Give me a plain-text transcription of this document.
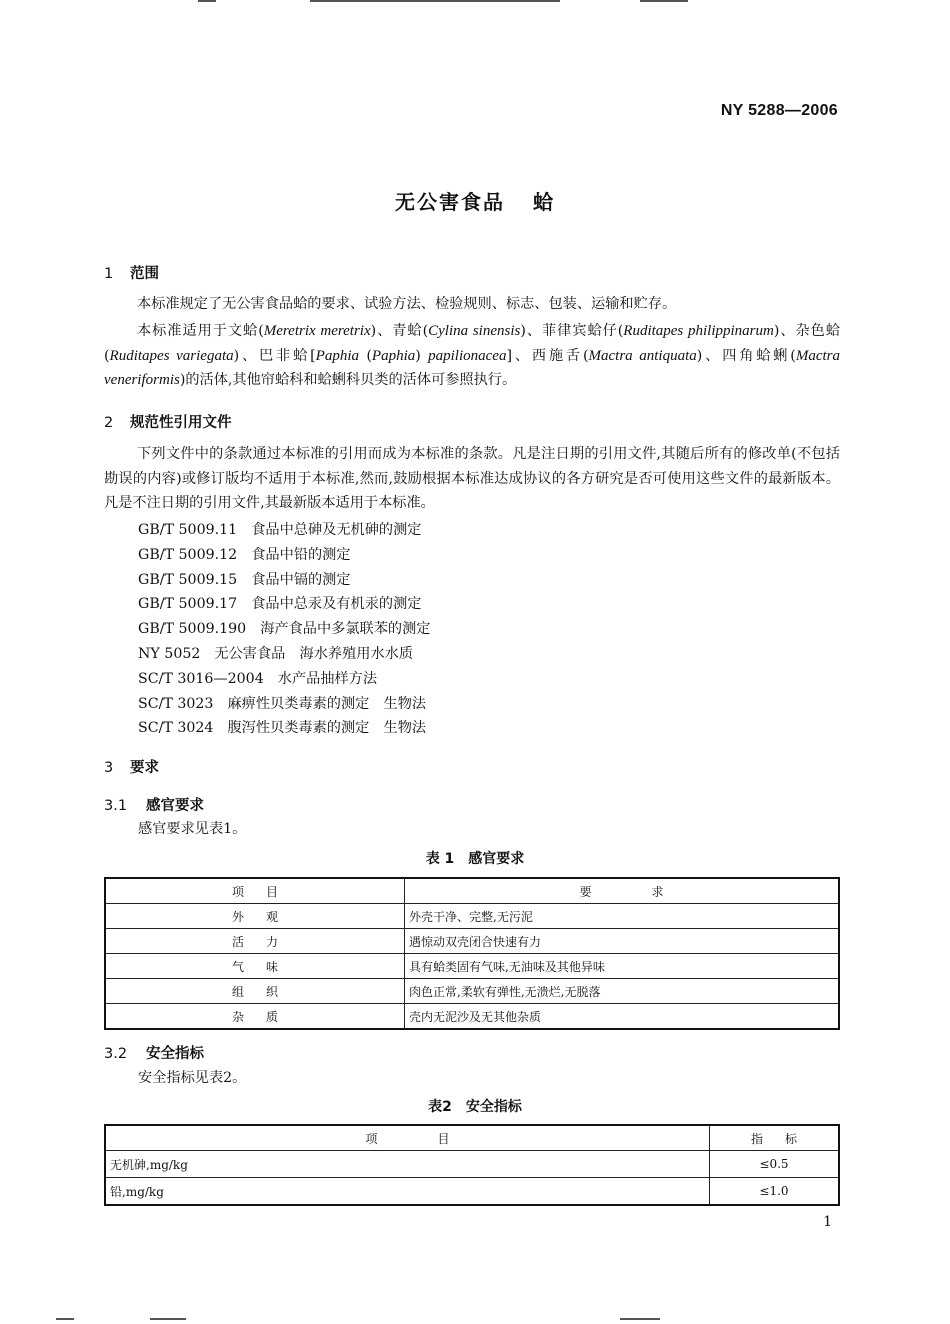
NY 5288—2006
无公害食品 蛤
1 范围
本标准规定了无公害食品蛤的要求、试验方法、检验规则、标志、包装、运输和贮存。
本标准适用于文蛤(Meretrix meretrix)、青蛤(Cylina sinensis)、菲律宾蛤仔(Ruditapes philippinarum)、杂色蛤(Ruditapes variegata)、巴非蛤[Paphia (Paphia) papilionacea]、西施舌(Mactra antiquata)、四角蛤蜊(Mactra veneriformis)的活体,其他帘蛤科和蛤蜊科贝类的活体可参照执行。
2 规范性引用文件
下列文件中的条款通过本标准的引用而成为本标准的条款。凡是注日期的引用文件,其随后所有的修改单(不包括勘误的内容)或修订版均不适用于本标准,然而,鼓励根据本标准达成协议的各方研究是否可使用这些文件的最新版本。凡是不注日期的引用文件,其最新版本适用于本标准。
GB/T 5009.11 食品中总砷及无机砷的测定
GB/T 5009.12 食品中铅的测定
GB/T 5009.15 食品中镉的测定
GB/T 5009.17 食品中总汞及有机汞的测定
GB/T 5009.190 海产食品中多氯联苯的测定
NY 5052 无公害食品　海水养殖用水水质
SC/T 3016—2004 水产品抽样方法
SC/T 3023 麻痹性贝类毒素的测定　生物法
SC/T 3024 腹泻性贝类毒素的测定　生物法
3 要求
3.1 感官要求
感官要求见表1。
表 1　感官要求
项目	要求
外观	外壳干净、完整,无污泥
活力	遇惊动双壳闭合快速有力
气味	具有蛤类固有气味,无油味及其他异味
组织	肉色正常,柔软有弹性,无溃烂,无脱落
杂质	壳内无泥沙及无其他杂质
3.2 安全指标
安全指标见表2。
表2　安全指标
项目	指标
无机砷,mg/kg	≤0.5
铅,mg/kg	≤1.0
1
